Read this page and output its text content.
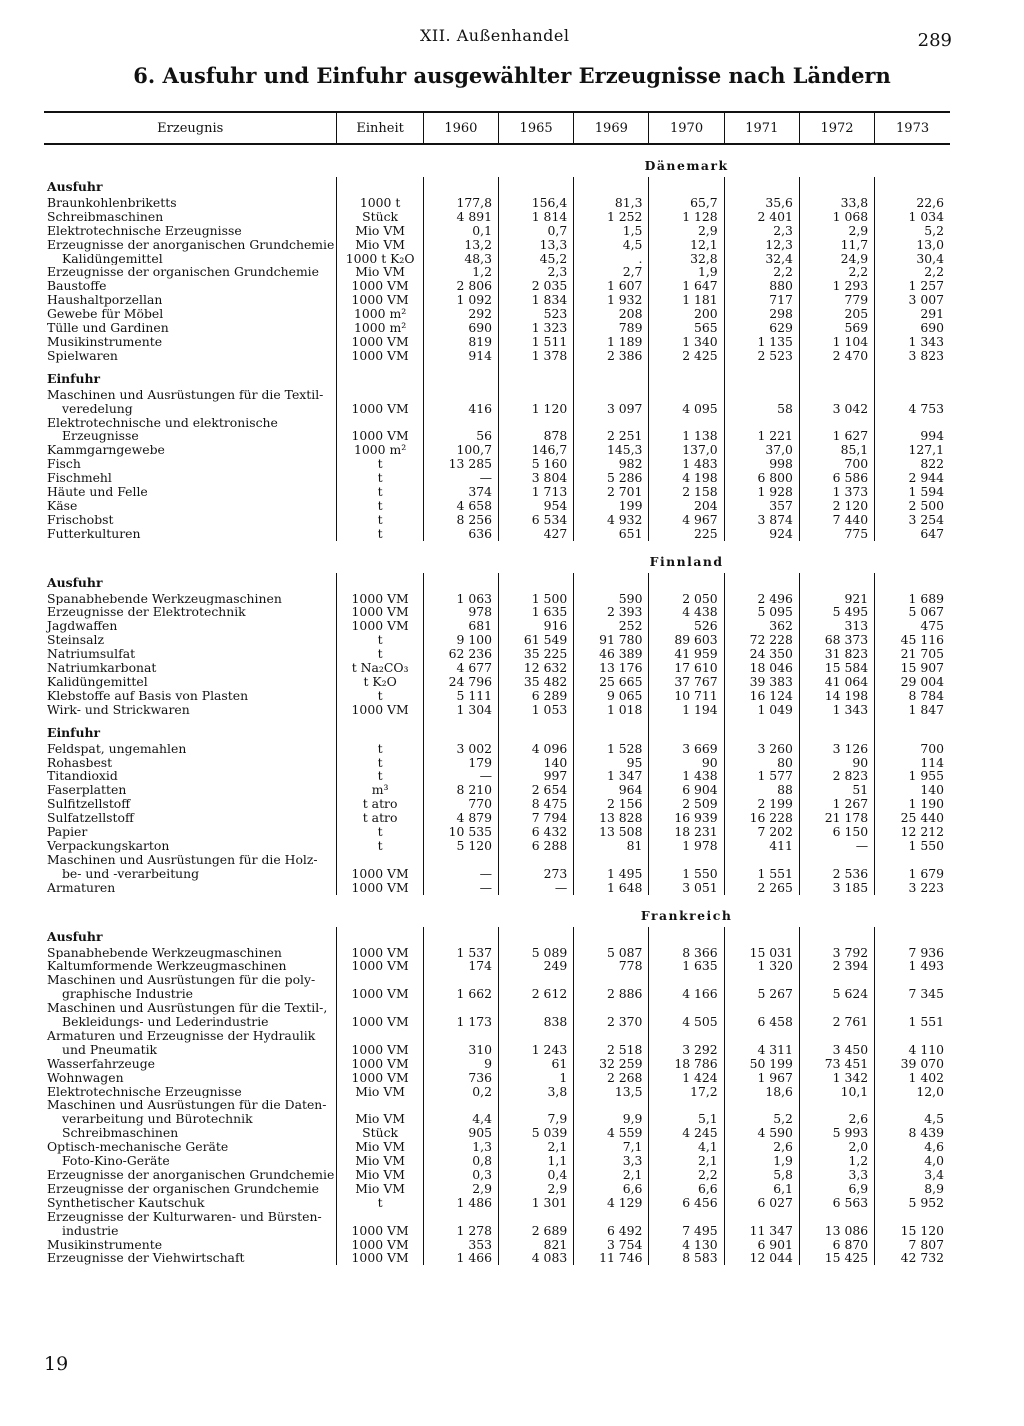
XII. Außenhandel	289
6. Ausfuhr und Einfuhr ausgewählter Erzeugnisse nach Ländern
Erzeugnis	Einheit	1960	1965	1969	1970	1971	1972	1973
		Dänemark						
Ausfuhr								
Braunkohlenbriketts	1000 t	177,8	156,4	81,3	65,7	35,6	33,8	22,6
Schreibmaschinen	Stück	4 891	1 814	1 252	1 128	2 401	1 068	1 034
Elektrotechnische Erzeugnisse	Mio VM	0,1	0,7	1,5	2,9	2,3	2,9	5,2
Erzeugnisse der anorganischen Grundchemie	Mio VM	13,2	13,3	4,5	12,1	12,3	11,7	13,0
Kalidüngemittel	1000 t K₂O	48,3	45,2	.	32,8	32,4	24,9	30,4
Erzeugnisse der organischen Grundchemie	Mio VM	1,2	2,3	2,7	1,9	2,2	2,2	2,2
Baustoffe	1000 VM	2 806	2 035	1 607	1 647	880	1 293	1 257
Haushaltporzellan	1000 VM	1 092	1 834	1 932	1 181	717	779	3 007
Gewebe für Möbel	1000 m²	292	523	208	200	298	205	291
Tülle und Gardinen	1000 m²	690	1 323	789	565	629	569	690
Musikinstrumente	1000 VM	819	1 511	1 189	1 340	1 135	1 104	1 343
Spielwaren	1000 VM	914	1 378	2 386	2 425	2 523	2 470	3 823

Einfuhr								
Maschinen und Ausrüstungen für die Textil-								
veredelung	1000 VM	416	1 120	3 097	4 095	58	3 042	4 753
Elektrotechnische und elektronische								
Erzeugnisse	1000 VM	56	878	2 251	1 138	1 221	1 627	994
Kammgarngewebe	1000 m²	100,7	146,7	145,3	137,0	37,0	85,1	127,1
Fisch	t	13 285	5 160	982	1 483	998	700	822
Fischmehl	t	—	3 804	5 286	4 198	6 800	6 586	2 944
Häute und Felle	t	374	1 713	2 701	2 158	1 928	1 373	1 594
Käse	t	4 658	954	199	204	357	2 120	2 500
Frischobst	t	8 256	6 534	4 932	4 967	3 874	7 440	3 254
Futterkulturen	t	636	427	651	225	924	775	647
		Finnland						
Ausfuhr								
Spanabhebende Werkzeugmaschinen	1000 VM	1 063	1 500	590	2 050	2 496	921	1 689
Erzeugnisse der Elektrotechnik	1000 VM	978	1 635	2 393	4 438	5 095	5 495	5 067
Jagdwaffen	1000 VM	681	916	252	526	362	313	475
Steinsalz	t	9 100	61 549	91 780	89 603	72 228	68 373	45 116
Natriumsulfat	t	62 236	35 225	46 389	41 959	24 350	31 823	21 705
Natriumkarbonat	t Na₂CO₃	4 677	12 632	13 176	17 610	18 046	15 584	15 907
Kalidüngemittel	t K₂O	24 796	35 482	25 665	37 767	39 383	41 064	29 004
Klebstoffe auf Basis von Plasten	t	5 111	6 289	9 065	10 711	16 124	14 198	8 784
Wirk- und Strickwaren	1000 VM	1 304	1 053	1 018	1 194	1 049	1 343	1 847

Einfuhr								
Feldspat, ungemahlen	t	3 002	4 096	1 528	3 669	3 260	3 126	700
Rohasbest	t	179	140	95	90	80	90	114
Titandioxid	t	—	997	1 347	1 438	1 577	2 823	1 955
Faserplatten	m³	8 210	2 654	964	6 904	88	51	140
Sulfitzellstoff	t atro	770	8 475	2 156	2 509	2 199	1 267	1 190
Sulfatzellstoff	t atro	4 879	7 794	13 828	16 939	16 228	21 178	25 440
Papier	t	10 535	6 432	13 508	18 231	7 202	6 150	12 212
Verpackungskarton	t	5 120	6 288	81	1 978	411	—	1 550
Maschinen und Ausrüstungen für die Holz-								
be- und -verarbeitung	1000 VM	—	273	1 495	1 550	1 551	2 536	1 679
Armaturen	1000 VM	—	—	1 648	3 051	2 265	3 185	3 223
		Frankreich						
Ausfuhr								
Spanabhebende Werkzeugmaschinen	1000 VM	1 537	5 089	5 087	8 366	15 031	3 792	7 936
Kaltumformende Werkzeugmaschinen	1000 VM	174	249	778	1 635	1 320	2 394	1 493
Maschinen und Ausrüstungen für die poly-								
graphische Industrie	1000 VM	1 662	2 612	2 886	4 166	5 267	5 624	7 345
Maschinen und Ausrüstungen für die Textil-,								
Bekleidungs- und Lederindustrie	1000 VM	1 173	838	2 370	4 505	6 458	2 761	1 551
Armaturen und Erzeugnisse der Hydraulik								
und Pneumatik	1000 VM	310	1 243	2 518	3 292	4 311	3 450	4 110
Wasserfahrzeuge	1000 VM	9	61	32 259	18 786	50 199	73 451	39 070
Wohnwagen	1000 VM	736	1	2 268	1 424	1 967	1 342	1 402
Elektrotechnische Erzeugnisse	Mio VM	0,2	3,8	13,5	17,2	18,6	10,1	12,0
Maschinen und Ausrüstungen für die Daten-								
verarbeitung und Bürotechnik	Mio VM	4,4	7,9	9,9	5,1	5,2	2,6	4,5
Schreibmaschinen	Stück	905	5 039	4 559	4 245	4 590	5 993	8 439
Optisch-mechanische Geräte	Mio VM	1,3	2,1	7,1	4,1	2,6	2,0	4,6
Foto-Kino-Geräte	Mio VM	0,8	1,1	3,3	2,1	1,9	1,2	4,0
Erzeugnisse der anorganischen Grundchemie	Mio VM	0,3	0,4	2,1	2,2	5,8	3,3	3,4
Erzeugnisse der organischen Grundchemie	Mio VM	2,9	2,9	6,6	6,6	6,1	6,9	8,9
Synthetischer Kautschuk	t	1 486	1 301	4 129	6 456	6 027	6 563	5 952
Erzeugnisse der Kulturwaren- und Bürsten-								
industrie	1000 VM	1 278	2 689	6 492	7 495	11 347	13 086	15 120
Musikinstrumente	1000 VM	353	821	3 754	4 130	6 901	6 870	7 807
Erzeugnisse der Viehwirtschaft	1000 VM	1 466	4 083	11 746	8 583	12 044	15 425	42 732
19
